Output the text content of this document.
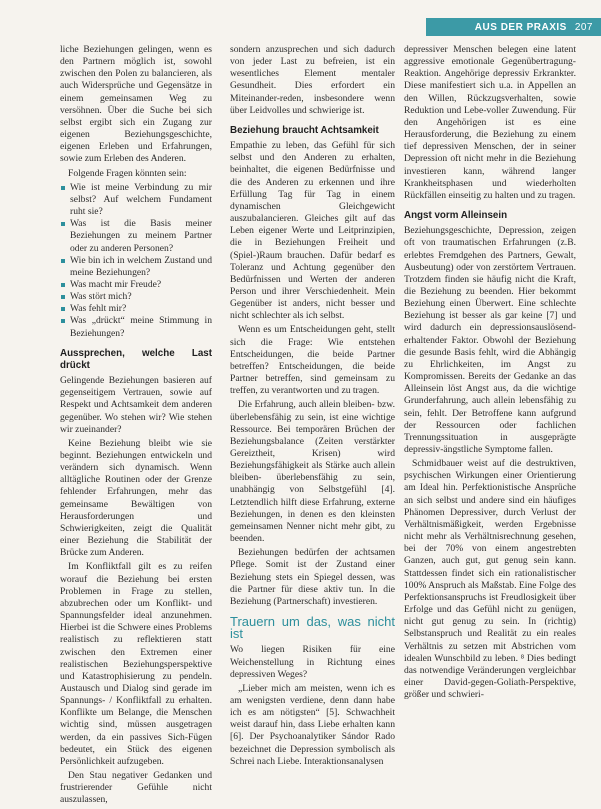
AUS DER PRAXIS 207

liche Beziehungen gelingen, wenn es den Partnern möglich ist, sowohl zwischen den Polen zu balancieren, als auch Widersprüche und Gegensätze in einem gemeinsamen Weg zu versöhnen. Über die Suche bei sich selbst ergibt sich ein Zugang zur eigenen Beziehungsgeschichte, eigenen Erleben und Erfahrungen, sowie zum Erleben des Anderen.

Folgende Fragen könnten sein:

Wie ist meine Verbindung zu mir selbst? Auf welchem Fundament ruht sie?
Was ist die Basis meiner Beziehungen zu meinem Partner oder zu anderen Personen?
Wie bin ich in welchem Zustand und meine Beziehungen?
Was macht mir Freude?
Was stört mich?
Was fehlt mir?
Was „drückt“ meine Stimmung in Beziehungen?
Aussprechen, welche Last drückt

Gelingende Beziehungen basieren auf gegenseitigem Vertrauen, sowie auf Respekt und Achtsamkeit dem anderen gegenüber. Wo stehen wir? Wie stehen wir zueinander?

Keine Beziehung bleibt wie sie beginnt. Beziehungen entwickeln und verändern sich dynamisch. Wenn alltägliche Routinen oder der Grenze fehlender Erfahrungen, mehr das gemeinsame Bewältigen von Herausforderungen und Schwierigkeiten, zeigt die Qualität einer Beziehung die Stabilität der Brücke zum Anderen.

Im Konfliktfall gilt es zu reifen worauf die Beziehung bei ersten Problemen in Frage zu stellen, abzubrechen oder um Konflikt- und Spannungsfelder ideal anzunehmen. Hierbei ist die Schwere eines Problems realistisch zu reflektieren statt zwischen den Extremen einer realistischen Beziehungsperspektive und Katastrophisierung zu pendeln. Austausch und Dialog sind gerade im Spannungs- / Konfliktfall zu erhalten. Konflikte um Belange, die Menschen wichtig sind, müssen ausgetragen werden, da ein passives Sich-Fügen bedeutet, ein Stück des eigenen Persönlichkeit aufzugeben.

Den Stau negativer Gedanken und frustrierender Gefühle nicht auszulassen,

sondern anzusprechen und sich dadurch von jeder Last zu befreien, ist ein wesentliches Element mentaler Gesundheit. Dies erfordert ein Miteinander-reden, insbesondere wenn über Leidvolles und schwierige ist.

Beziehung braucht Achtsamkeit

Empathie zu leben, das Gefühl für sich selbst und den Anderen zu erhalten, beinhaltet, die eigenen Bedürfnisse und die des Anderen zu erkennen und ihre Erfüllung Tag für Tag in einem dynamischen Gleichgewicht auszubalancieren. Gleiches gilt auf das Leben eigener Werte und Leitprinzipien, die in Beziehungen Freiheit und (Spiel-)Raum brauchen. Dafür bedarf es Toleranz und Achtung gegenüber den Bedürfnissen und Werten der anderen Person und ihrer Verschiedenheit. Mein Gegenüber ist anders, nicht besser und nicht schlechter als ich selbst.

Wenn es um Entscheidungen geht, stellt sich die Frage: Wie entstehen Entscheidungen, die beide Partner betreffen? Entscheidungen, die beide Partner betreffen, sind gemeinsam zu treffen, zu verantworten und zu tragen.

Die Erfahrung, auch allein bleiben- bzw. überlebensfähig zu sein, ist eine wichtige Ressource. Bei temporären Brüchen der Beziehungsbalance (Zeiten verstärkter Gereiztheit, Krisen) wird Beziehungsfähigkeit als Stärke auch allein bleiben- überlebensfähig zu sein, unabhängig von Selbstgefühl [4]. Letztendlich hilft diese Erfahrung, externe Beziehungen, in denen es den kleinsten gemeinsamen Nenner nicht mehr gibt, zu beenden.

Beziehungen bedürfen der achtsamen Pflege. Somit ist der Zustand einer Beziehung stets ein Spiegel dessen, was die Partner für diese aktiv tun. In die Beziehung (Partnerschaft) investieren.

Trauern um das, was nicht ist

Wo liegen Risiken für eine Weichenstellung in Richtung eines depressiven Weges?

„Lieber mich am meisten, wenn ich es am wenigsten verdiene, denn dann habe ich es am nötigsten“ [5]. Schwachheit weist darauf hin, dass Liebe erhalten kann [6]. Der Psychoanalytiker Sándor Rado bezeichnet die Depression symbolisch als Schrei nach Liebe. Interaktionsanalysen

depressiver Menschen belegen eine latent aggressive emotionale Gegenübertragung-Reaktion. Angehörige depressiv Erkrankter. Diese manifestiert sich u.a. in Appellen an den Willen, Rückzugsverhalten, sowie Reduktion und Lebe-voller Zuwendung. Für den Angehörigen ist es eine Herausforderung, die Beziehung zu einem tief depressiven Menschen, der in seiner Depression oft nicht mehr in die Beziehung investieren kann, während langer Krankheitsphasen und wiederholten Rückfällen einseitig zu halten und zu tragen.

Angst vorm Alleinsein

Beziehungsgeschichte, Depression, zeigen oft von traumatischen Erfahrungen (z.B. erlebtes Fremdgehen des Partners, Gewalt, Ausbeutung) oder von zerstörtem Vertrauen. Trotzdem finden sie häufig nicht die Kraft, die Beziehung zu beenden. Hier bekommt Beziehung einen Überwert. Eine schlechte Beziehung ist besser als gar keine [7] und wird dadurch ein depressionsauslösend-erhaltender Faktor. Obwohl der Beziehung die gesunde Basis fehlt, wird die Abhängig zu Ehrlichkeiten, im Angst zu Kompromissen. Bereits der Gedanke an das Alleinsein löst Angst aus, da die wichtige Grunderfahrung, auch allein lebensfähig zu sein, fehlt. Der Betroffene kann aufgrund der Ressourcen oder fachlichen Trennungssituation in ausgeprägte depressiv-ängstliche Symptome fallen.

Schmidbauer weist auf die destruktiven, psychischen Wirkungen einer Orientierung am Ideal hin. Perfektionistische Ansprüche an sich selbst und andere sind ein häufiges Phänomen Depressiver, durch Verlust der Verhältnismäßigkeit, werden Ergebnisse nicht mehr als Verhältnisrechnung gesehen, bei der 70% von einem angestrebten Ganzen, auch gut, gut genug sein kann. Stattdessen findet sich ein rationalistischer 100% Anspruch als Maßstab. Eine Folge des Perfektionsanspruchs ist Freudlosigkeit über Erfolge und das Gefühl nicht zu genügen, nicht gut genug zu sein. In (richtig) Selbstanspruch und Realität zu ein reales Verhältnis zu setzen mit Abstrichen vom idealen Wunschbild zu leben. ⁸ Dies bedingt das notwendige Veränderungen vergleichbar einer David-gegen-Goliath-Perspektive, größer und schwieri-
